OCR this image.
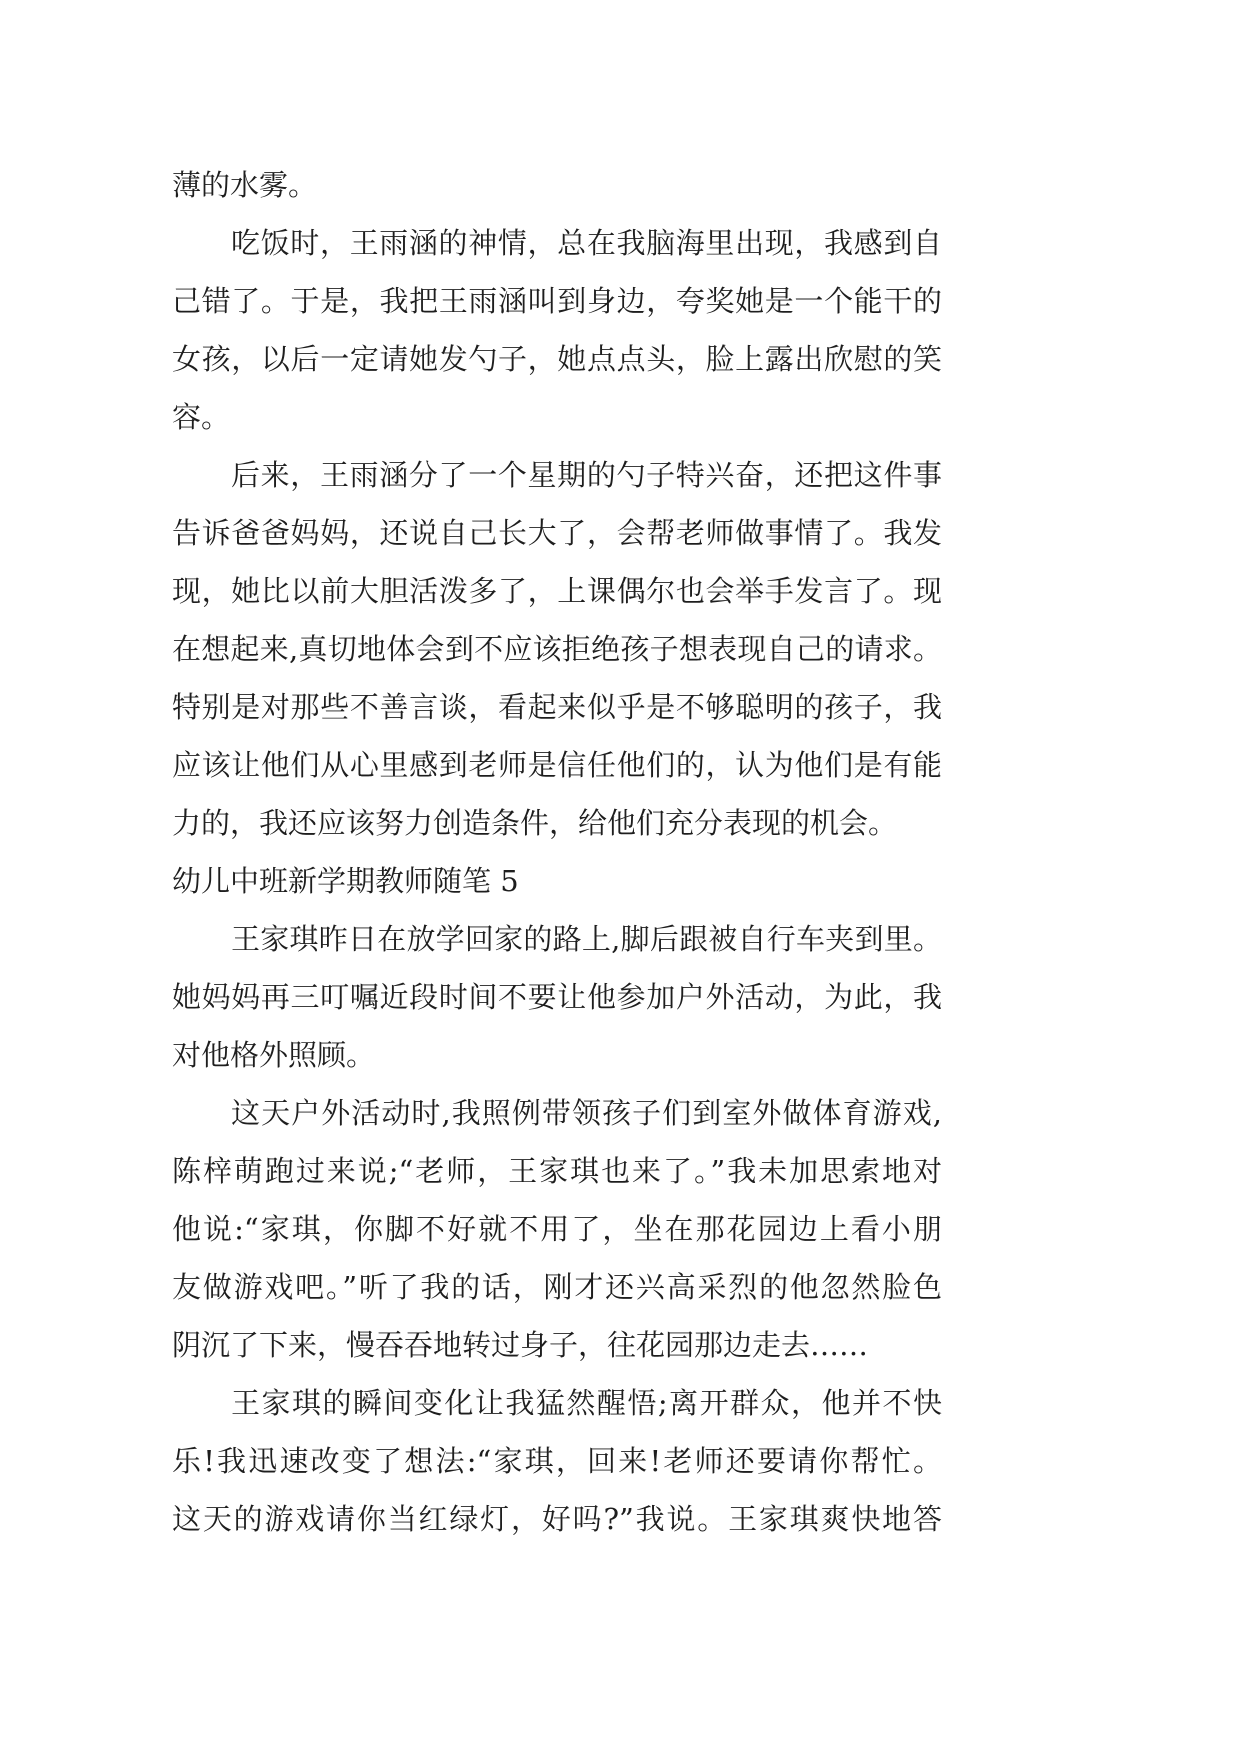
薄的水雾。
吃饭时，王雨涵的神情，总在我脑海里出现，我感到自
己错了。于是，我把王雨涵叫到身边，夸奖她是一个能干的
女孩，以后一定请她发勺子，她点点头，脸上露出欣慰的笑
容。
后来，王雨涵分了一个星期的勺子特兴奋，还把这件事
告诉爸爸妈妈，还说自己长大了，会帮老师做事情了。我发
现，她比以前大胆活泼多了，上课偶尔也会举手发言了。现
在想起来,真切地体会到不应该拒绝孩子想表现自己的请求。
特别是对那些不善言谈，看起来似乎是不够聪明的孩子，我
应该让他们从心里感到老师是信任他们的，认为他们是有能
力的，我还应该努力创造条件，给他们充分表现的机会。
幼儿中班新学期教师随笔 5
王家琪昨日在放学回家的路上,脚后跟被自行车夹到里。
她妈妈再三叮嘱近段时间不要让他参加户外活动，为此，我
对他格外照顾。
这天户外活动时,我照例带领孩子们到室外做体育游戏,
陈梓萌跑过来说;“老师，王家琪也来了。”我未加思索地对
他说:“家琪，你脚不好就不用了，坐在那花园边上看小朋
友做游戏吧。”听了我的话，刚才还兴高采烈的他忽然脸色
阴沉了下来，慢吞吞地转过身子，往花园那边走去……
王家琪的瞬间变化让我猛然醒悟;离开群众，他并不快
乐!我迅速改变了想法:“家琪，回来!老师还要请你帮忙。
这天的游戏请你当红绿灯，好吗?”我说。王家琪爽快地答
